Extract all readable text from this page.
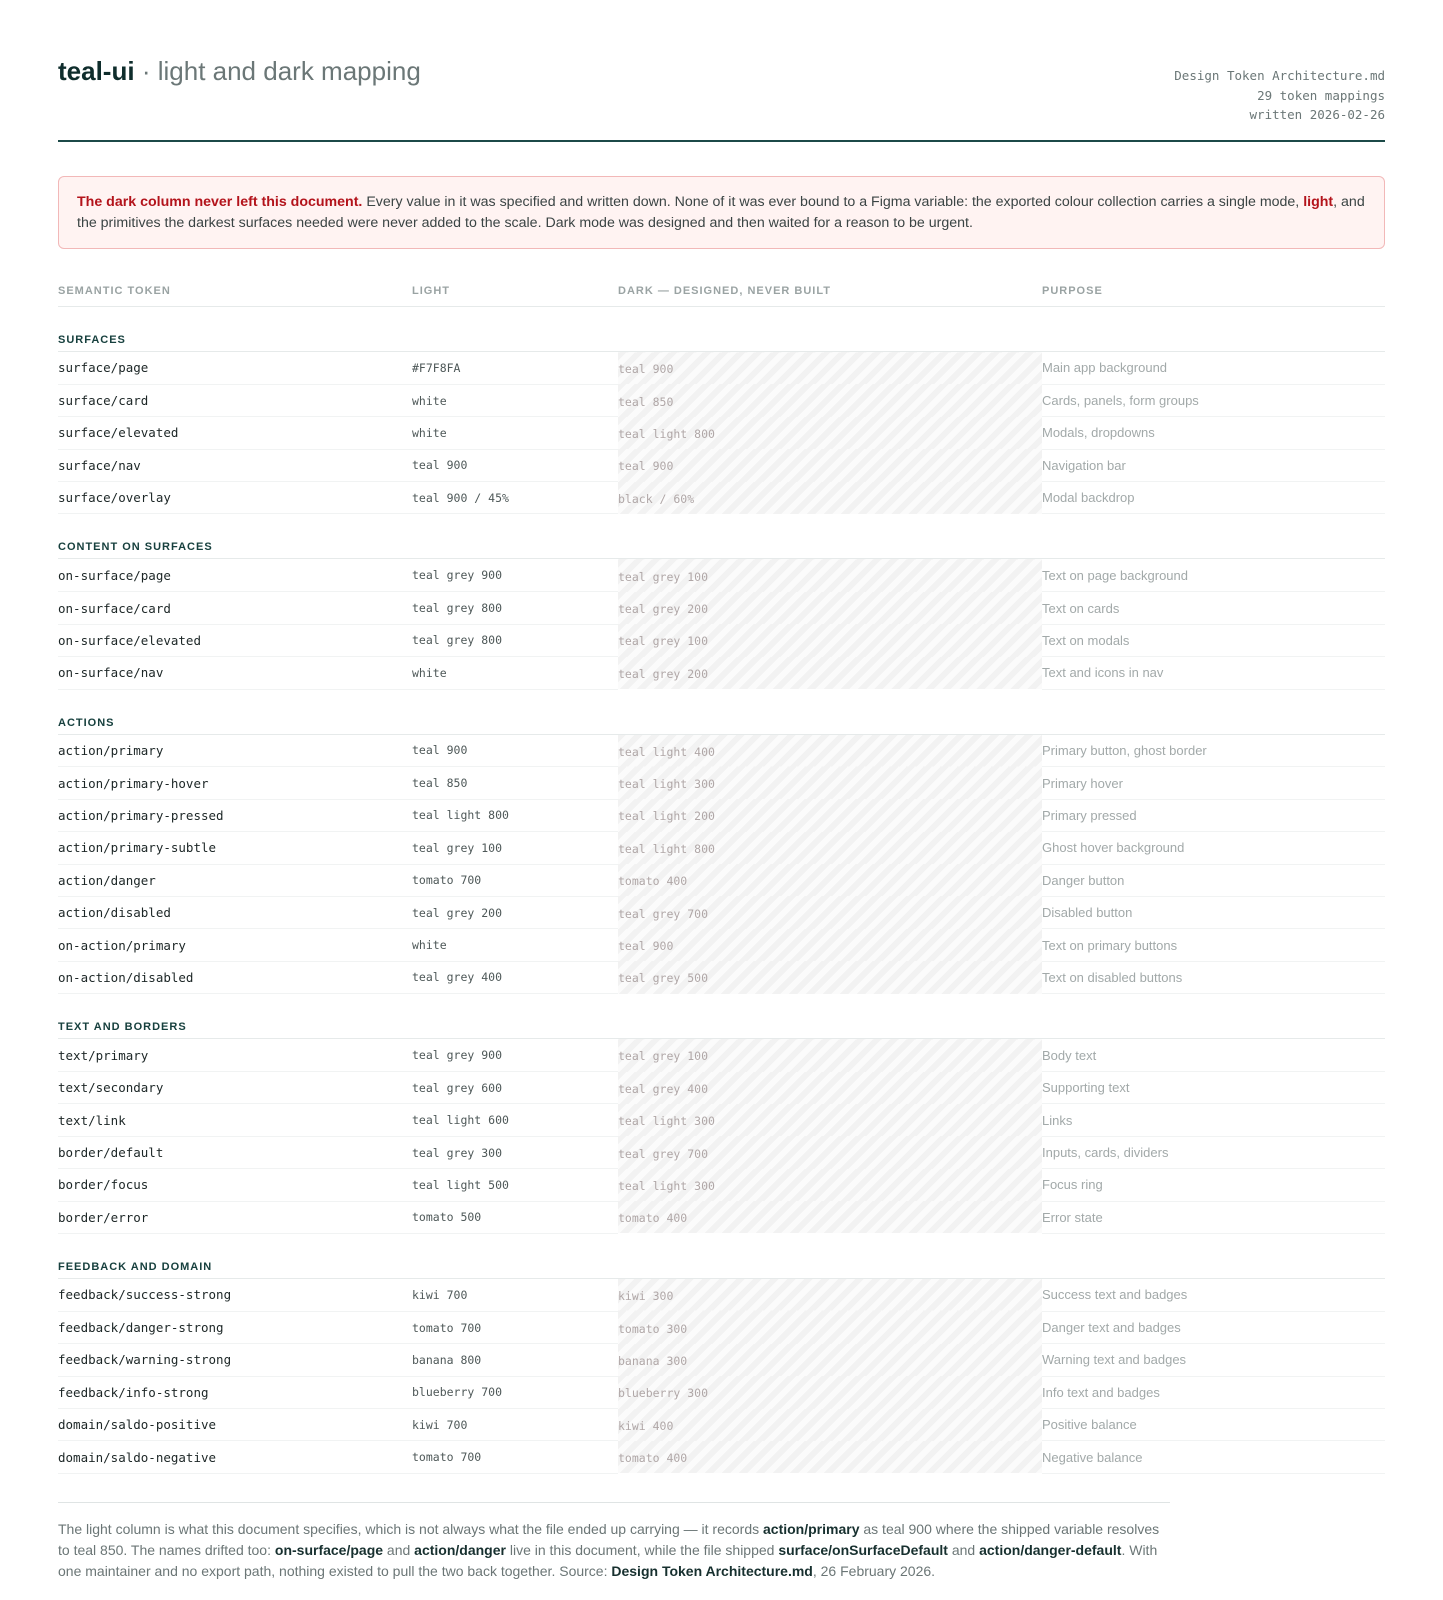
teal-ui · light and dark mapping	Design Token Architecture.md
29 token mappings
written 2026-02-26
The dark column never left this document. Every value in it was specified and written down. None of it was ever bound to a Figma variable: the exported colour collection carries a single mode, light, and the primitives the darkest surfaces needed were never added to the scale. Dark mode was designed and then waited for a reason to be urgent.
SEMANTIC TOKEN	LIGHT	DARK — DESIGNED, NEVER BUILT	PURPOSE

SURFACES			

surface/page	#F7F8FA	teal 900	Main app background
surface/card	white	teal 850	Cards, panels, form groups
surface/elevated	white	teal light 800	Modals, dropdowns
surface/nav	teal 900	teal 900	Navigation bar
surface/overlay	teal 900 / 45%	black / 60%	Modal backdrop

CONTENT ON SURFACES			

on-surface/page	teal grey 900	teal grey 100	Text on page background
on-surface/card	teal grey 800	teal grey 200	Text on cards
on-surface/elevated	teal grey 800	teal grey 100	Text on modals
on-surface/nav	white	teal grey 200	Text and icons in nav

ACTIONS			

action/primary	teal 900	teal light 400	Primary button, ghost border
action/primary-hover	teal 850	teal light 300	Primary hover
action/primary-pressed	teal light 800	teal light 200	Primary pressed
action/primary-subtle	teal grey 100	teal light 800	Ghost hover background
action/danger	tomato 700	tomato 400	Danger button
action/disabled	teal grey 200	teal grey 700	Disabled button
on-action/primary	white	teal 900	Text on primary buttons
on-action/disabled	teal grey 400	teal grey 500	Text on disabled buttons

TEXT AND BORDERS			

text/primary	teal grey 900	teal grey 100	Body text
text/secondary	teal grey 600	teal grey 400	Supporting text
text/link	teal light 600	teal light 300	Links
border/default	teal grey 300	teal grey 700	Inputs, cards, dividers
border/focus	teal light 500	teal light 300	Focus ring
border/error	tomato 500	tomato 400	Error state

FEEDBACK AND DOMAIN			

feedback/success-strong	kiwi 700	kiwi 300	Success text and badges
feedback/danger-strong	tomato 700	tomato 300	Danger text and badges
feedback/warning-strong	banana 800	banana 300	Warning text and badges
feedback/info-strong	blueberry 700	blueberry 300	Info text and badges
domain/saldo-positive	kiwi 700	kiwi 400	Positive balance
domain/saldo-negative	tomato 700	tomato 400	Negative balance
The light column is what this document specifies, which is not always what the file ended up carrying — it records action/primary as teal 900 where the shipped variable resolves to teal 850. The names drifted too: on-surface/page and action/danger live in this document, while the file shipped surface/onSurfaceDefault and action/danger-default. With one maintainer and no export path, nothing existed to pull the two back together. Source: Design Token Architecture.md, 26 February 2026.
